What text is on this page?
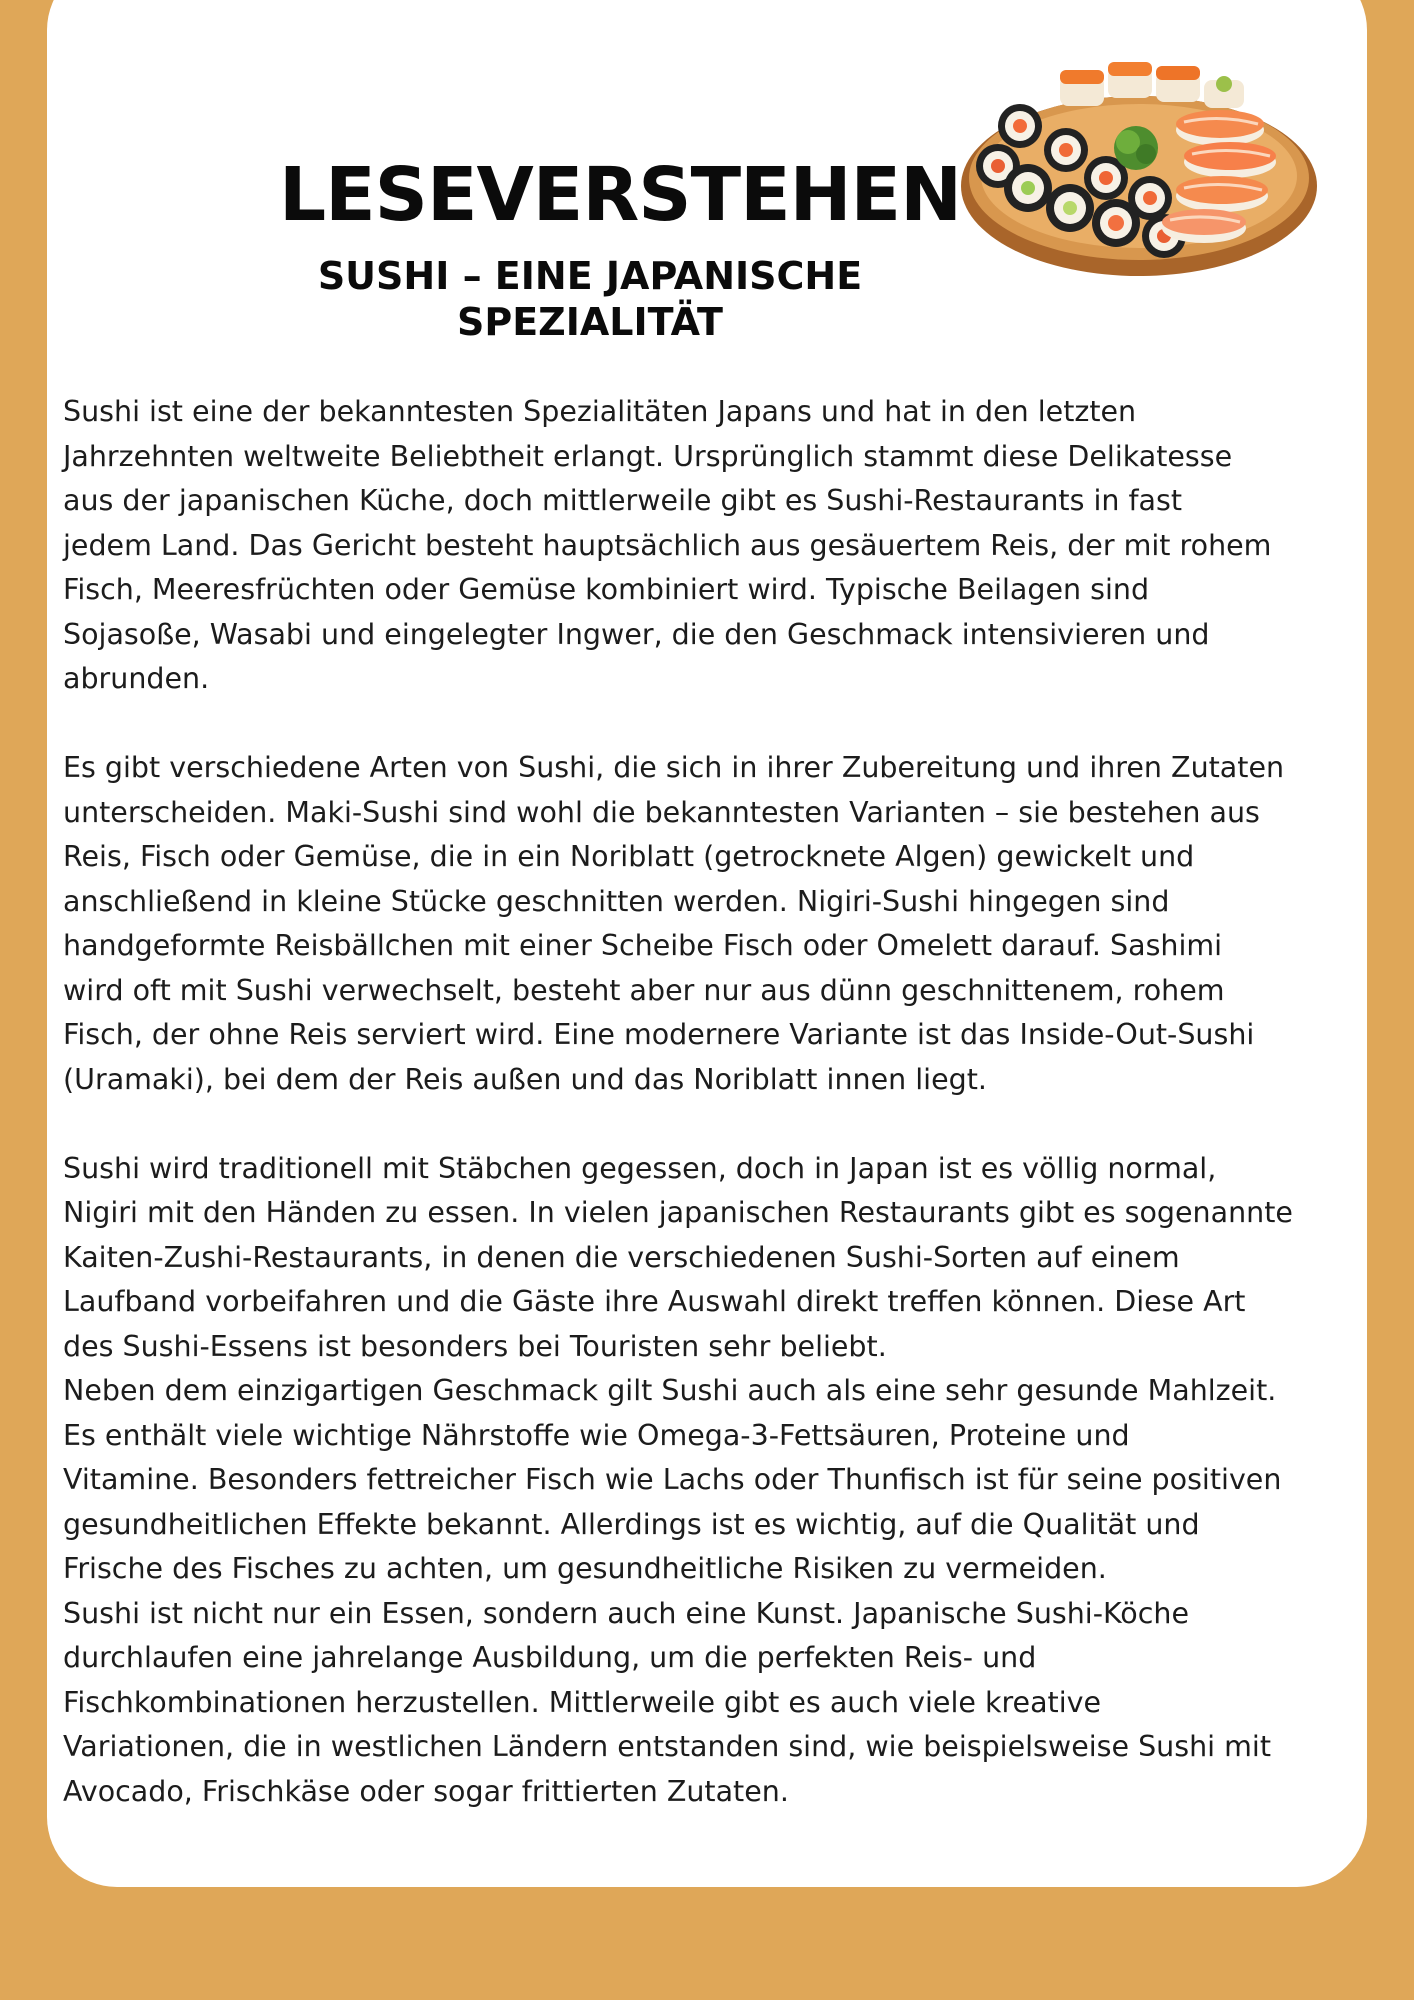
LESEVERSTEHEN
SUSHI – EINE JAPANISCHE
SPEZIALITÄT

Sushi ist eine der bekanntesten Spezialitäten Japans und hat in den letzten
Jahrzehnten weltweite Beliebtheit erlangt. Ursprünglich stammt diese Delikatesse
aus der japanischen Küche, doch mittlerweile gibt es Sushi-Restaurants in fast
jedem Land. Das Gericht besteht hauptsächlich aus gesäuertem Reis, der mit rohem
Fisch, Meeresfrüchten oder Gemüse kombiniert wird. Typische Beilagen sind
Sojasoße, Wasabi und eingelegter Ingwer, die den Geschmack intensivieren und
abrunden.

Es gibt verschiedene Arten von Sushi, die sich in ihrer Zubereitung und ihren Zutaten
unterscheiden. Maki-Sushi sind wohl die bekanntesten Varianten – sie bestehen aus
Reis, Fisch oder Gemüse, die in ein Noriblatt (getrocknete Algen) gewickelt und
anschließend in kleine Stücke geschnitten werden. Nigiri-Sushi hingegen sind
handgeformte Reisbällchen mit einer Scheibe Fisch oder Omelett darauf. Sashimi
wird oft mit Sushi verwechselt, besteht aber nur aus dünn geschnittenem, rohem
Fisch, der ohne Reis serviert wird. Eine modernere Variante ist das Inside-Out-Sushi
(Uramaki), bei dem der Reis außen und das Noriblatt innen liegt.

Sushi wird traditionell mit Stäbchen gegessen, doch in Japan ist es völlig normal,
Nigiri mit den Händen zu essen. In vielen japanischen Restaurants gibt es sogenannte
Kaiten-Zushi-Restaurants, in denen die verschiedenen Sushi-Sorten auf einem
Laufband vorbeifahren und die Gäste ihre Auswahl direkt treffen können. Diese Art
des Sushi-Essens ist besonders bei Touristen sehr beliebt.
Neben dem einzigartigen Geschmack gilt Sushi auch als eine sehr gesunde Mahlzeit.
Es enthält viele wichtige Nährstoffe wie Omega-3-Fettsäuren, Proteine und
Vitamine. Besonders fettreicher Fisch wie Lachs oder Thunfisch ist für seine positiven
gesundheitlichen Effekte bekannt. Allerdings ist es wichtig, auf die Qualität und
Frische des Fisches zu achten, um gesundheitliche Risiken zu vermeiden.
Sushi ist nicht nur ein Essen, sondern auch eine Kunst. Japanische Sushi-Köche
durchlaufen eine jahrelange Ausbildung, um die perfekten Reis- und
Fischkombinationen herzustellen. Mittlerweile gibt es auch viele kreative
Variationen, die in westlichen Ländern entstanden sind, wie beispielsweise Sushi mit
Avocado, Frischkäse oder sogar frittierten Zutaten.
